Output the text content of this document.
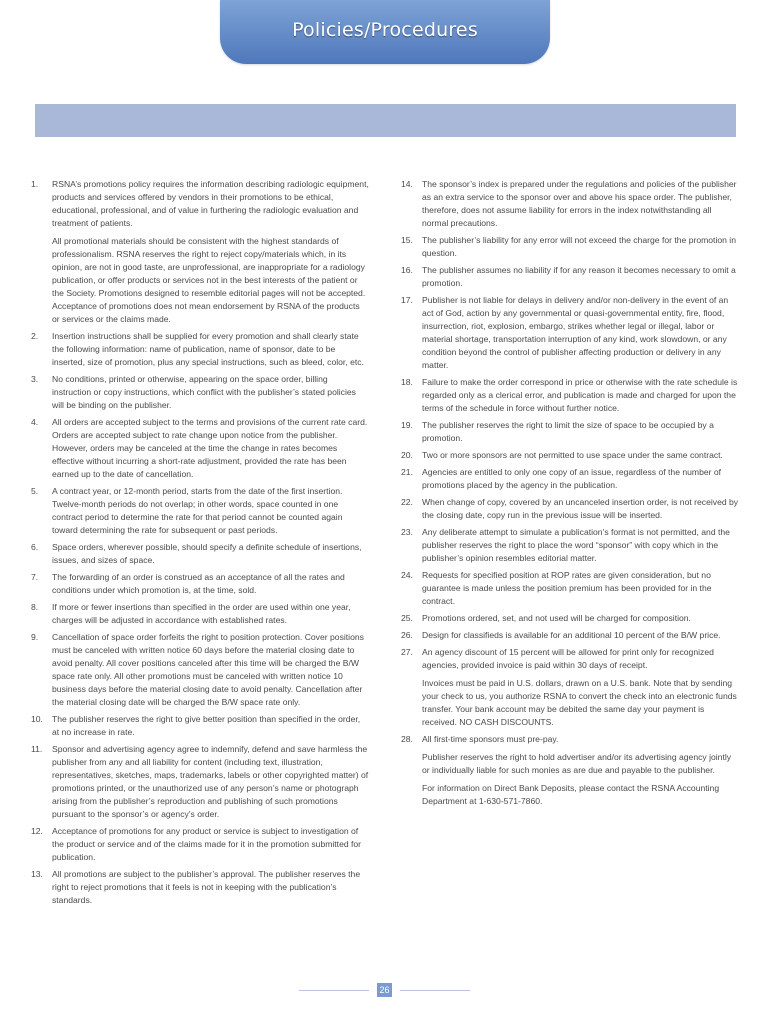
Policies/Procedures
1. RSNA’s promotions policy requires the information describing radiologic equipment, products and services offered by vendors in their promotions to be ethical, educational, professional, and of value in furthering the radiologic evaluation and treatment of patients.

All promotional materials should be consistent with the highest standards of professionalism. RSNA reserves the right to reject copy/materials which, in its opinion, are not in good taste, are unprofessional, are inappropriate for a radiology publication, or offer products or services not in the best interests of the patient or the Society. Promotions designed to resemble editorial pages will not be accepted. Acceptance of promotions does not mean endorsement by RSNA of the products or services or the claims made.

2. Insertion instructions shall be supplied for every promotion and shall clearly state the following information: name of publication, name of sponsor, date to be inserted, size of promotion, plus any special instructions, such as bleed, color, etc.

3. No conditions, printed or otherwise, appearing on the space order, billing instruction or copy instructions, which conflict with the publisher’s stated policies will be binding on the publisher.

4. All orders are accepted subject to the terms and provisions of the current rate card. Orders are accepted subject to rate change upon notice from the publisher. However, orders may be canceled at the time the change in rates becomes effective without incurring a short-rate adjustment, provided the rate has been earned up to the date of cancellation.

5. A contract year, or 12-month period, starts from the date of the first insertion. Twelve-month periods do not overlap; in other words, space counted in one contract period to determine the rate for that period cannot be counted again toward determining the rate for subsequent or past periods.

6. Space orders, wherever possible, should specify a definite schedule of insertions, issues, and sizes of space.

7. The forwarding of an order is construed as an acceptance of all the rates and conditions under which promotion is, at the time, sold.

8. If more or fewer insertions than specified in the order are used within one year, charges will be adjusted in accordance with established rates.

9. Cancellation of space order forfeits the right to position protection. Cover positions must be canceled with written notice 60 days before the material closing date to avoid penalty. All cover positions canceled after this time will be charged the B/W space rate only. All other promotions must be canceled with written notice 10 business days before the material closing date to avoid penalty. Cancellation after the material closing date will be charged the B/W space rate only.

10. The publisher reserves the right to give better position than specified in the order, at no increase in rate.

11. Sponsor and advertising agency agree to indemnify, defend and save harmless the publisher from any and all liability for content (including text, illustration, representatives, sketches, maps, trademarks, labels or other copyrighted matter) of promotions printed, or the unauthorized use of any person’s name or photograph arising from the publisher’s reproduction and publishing of such promotions pursuant to the sponsor’s or agency’s order.

12. Acceptance of promotions for any product or service is subject to investigation of the product or service and of the claims made for it in the promotion submitted for publication.

13. All promotions are subject to the publisher’s approval. The publisher reserves the right to reject promotions that it feels is not in keeping with the publication’s standards.

14. The sponsor’s index is prepared under the regulations and policies of the publisher as an extra service to the sponsor over and above his space order. The publisher, therefore, does not assume liability for errors in the index notwithstanding all normal precautions.

15. The publisher’s liability for any error will not exceed the charge for the promotion in question.

16. The publisher assumes no liability if for any reason it becomes necessary to omit a promotion.

17. Publisher is not liable for delays in delivery and/or non-delivery in the event of an act of God, action by any governmental or quasi-governmental entity, fire, flood, insurrection, riot, explosion, embargo, strikes whether legal or illegal, labor or material shortage, transportation interruption of any kind, work slowdown, or any condition beyond the control of publisher affecting production or delivery in any matter.

18. Failure to make the order correspond in price or otherwise with the rate schedule is regarded only as a clerical error, and publication is made and charged for upon the terms of the schedule in force without further notice.

19. The publisher reserves the right to limit the size of space to be occupied by a promotion.

20. Two or more sponsors are not permitted to use space under the same contract.

21. Agencies are entitled to only one copy of an issue, regardless of the number of promotions placed by the agency in the publication.

22. When change of copy, covered by an uncanceled insertion order, is not received by the closing date, copy run in the previous issue will be inserted.

23. Any deliberate attempt to simulate a publication’s format is not permitted, and the publisher reserves the right to place the word “sponsor” with copy which in the publisher’s opinion resembles editorial matter.

24. Requests for specified position at ROP rates are given consideration, but no guarantee is made unless the position premium has been provided for in the contract.

25. Promotions ordered, set, and not used will be charged for composition.

26. Design for classifieds is available for an additional 10 percent of the B/W price.

27. An agency discount of 15 percent will be allowed for print only for recognized agencies, provided invoice is paid within 30 days of receipt.

Invoices must be paid in U.S. dollars, drawn on a U.S. bank. Note that by sending your check to us, you authorize RSNA to convert the check into an electronic funds transfer. Your bank account may be debited the same day your payment is received. NO CASH DISCOUNTS.

28. All first-time sponsors must pre-pay.

Publisher reserves the right to hold advertiser and/or its advertising agency jointly or individually liable for such monies as are due and payable to the publisher.

For information on Direct Bank Deposits, please contact the RSNA Accounting Department at 1-630-571-7860.

26
